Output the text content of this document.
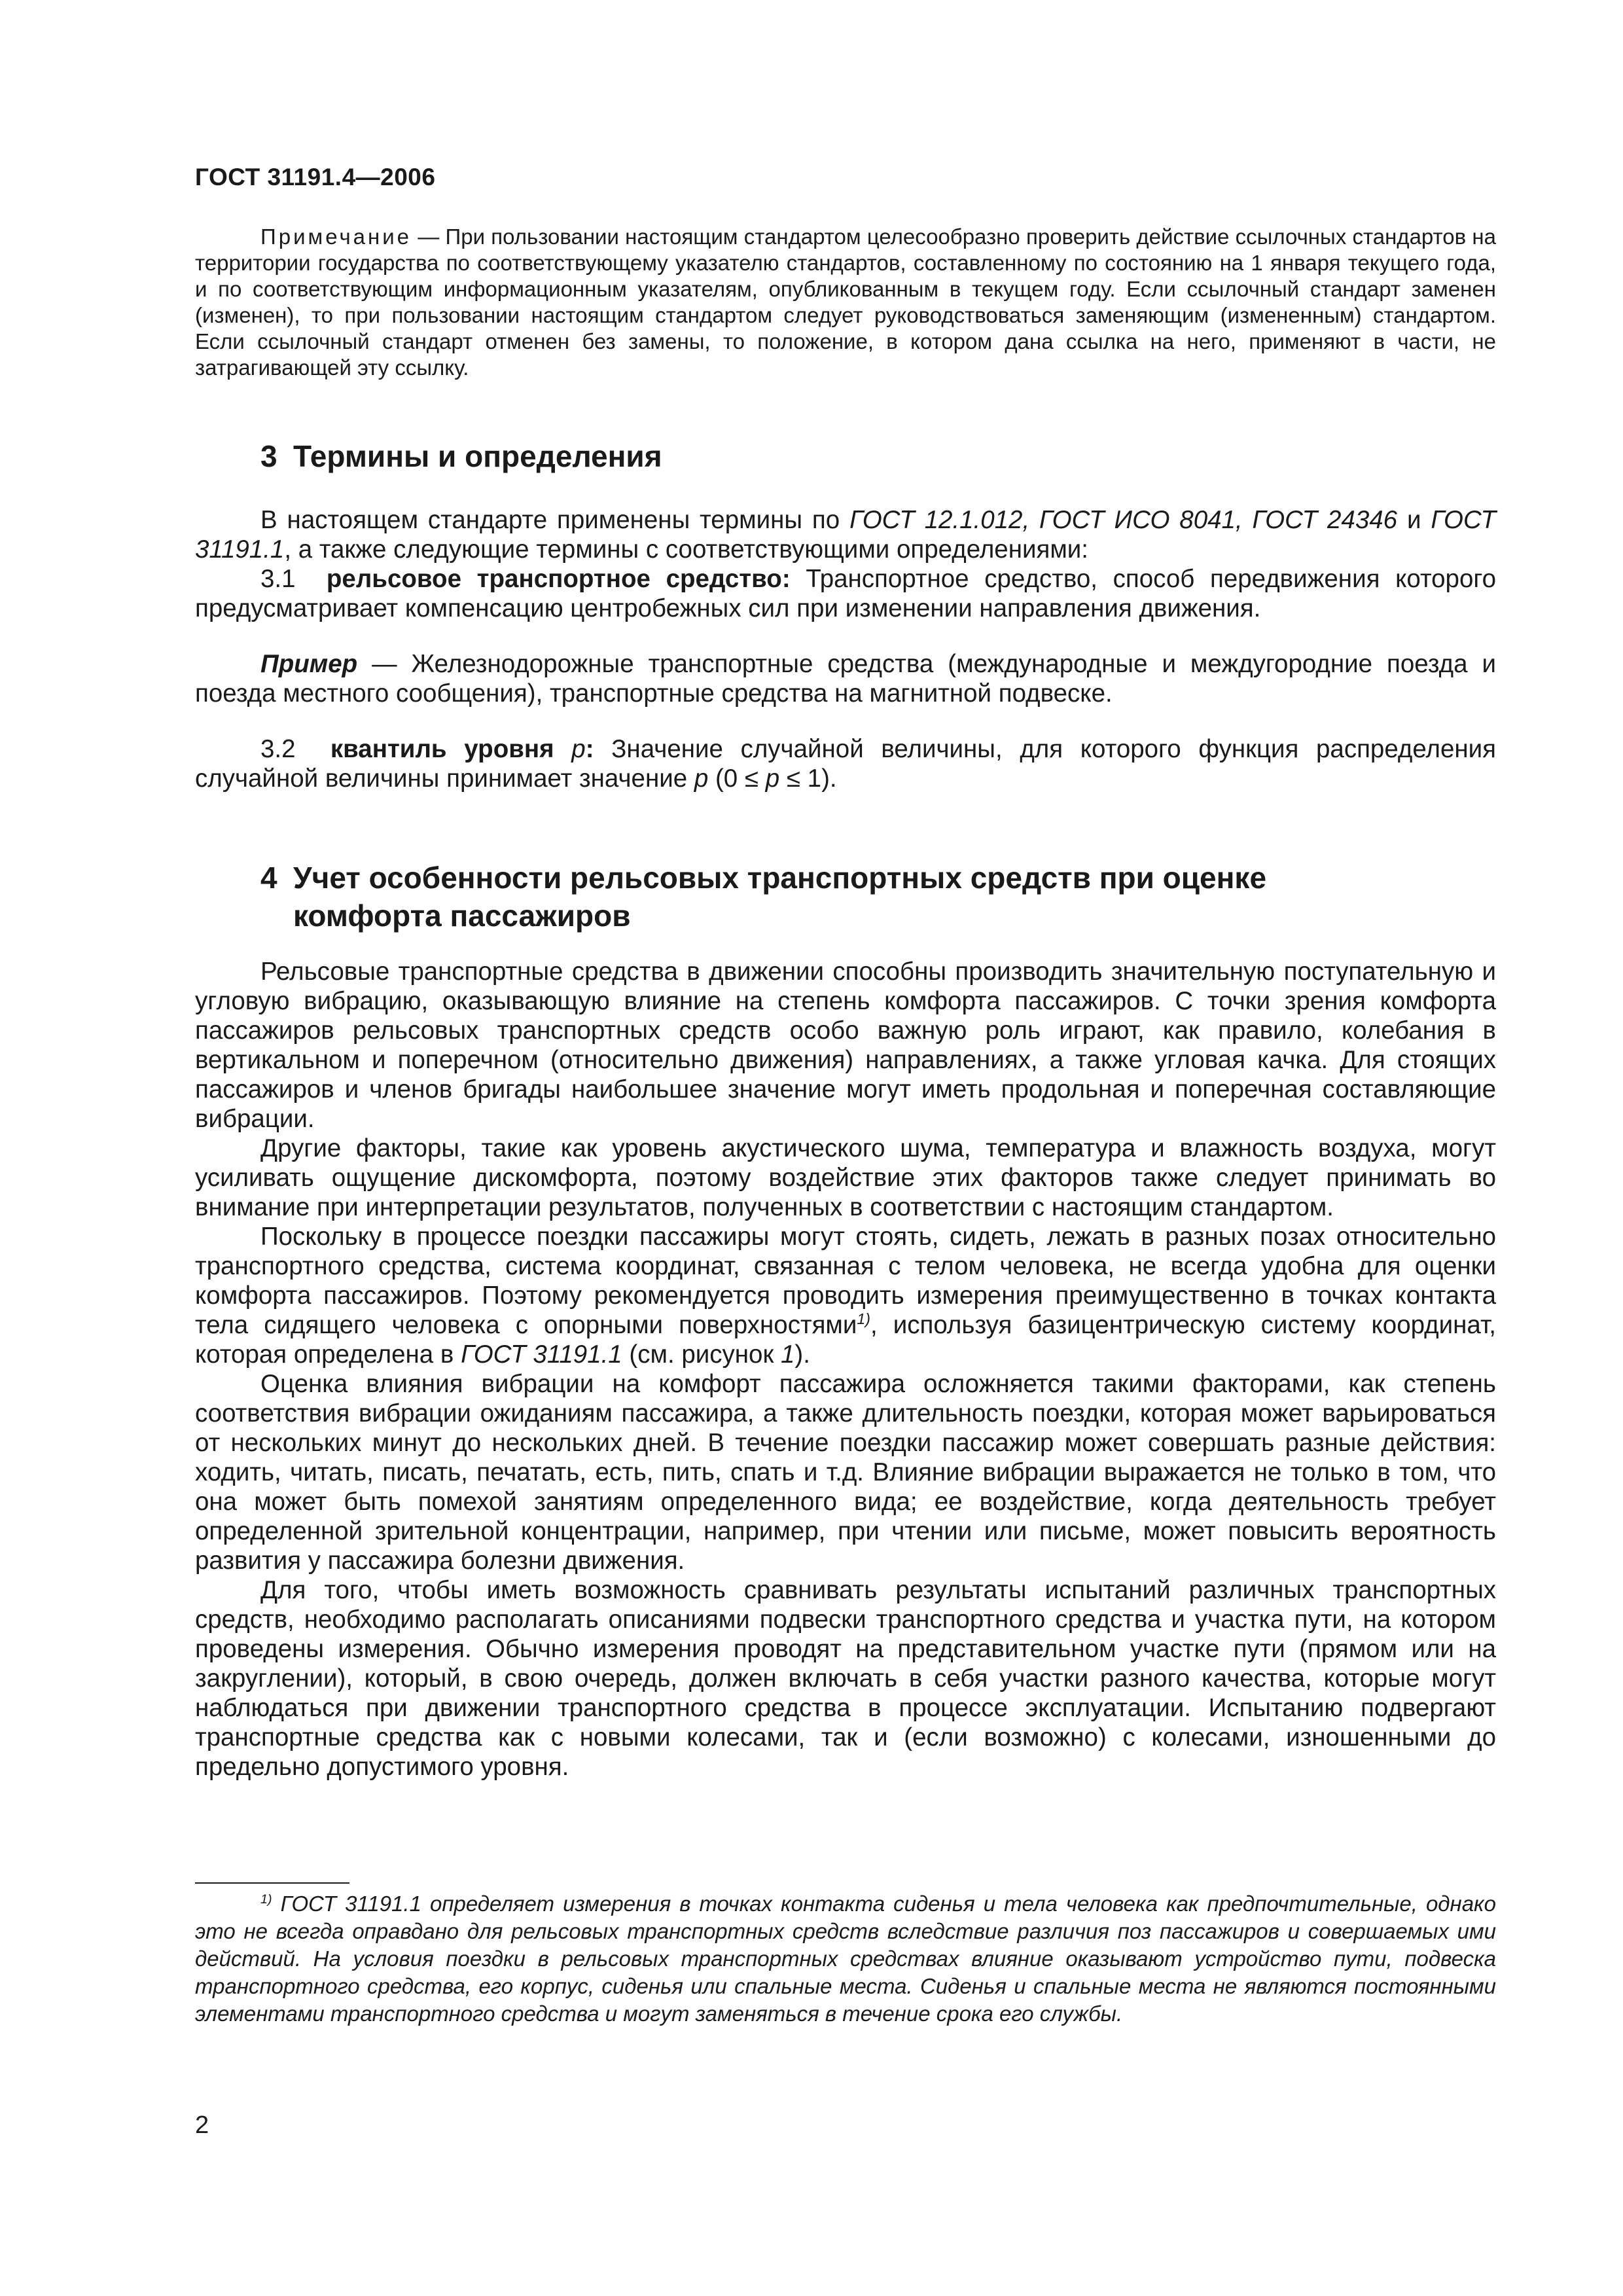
ГОСТ 31191.4—2006

Примечание — При пользовании настоящим стандартом целесообразно проверить действие ссылочных стандартов на территории государства по соответствующему указателю стандартов, составленному по состоянию на 1 января текущего года, и по соответствующим информационным указателям, опубликованным в текущем году. Если ссылочный стандарт заменен (изменен), то при пользовании настоящим стандартом следует руководствоваться заменяющим (измененным) стандартом. Если ссылочный стандарт отменен без замены, то положение, в котором дана ссылка на него, применяют в части, не затрагивающей эту ссылку.

3 Термины и определения

В настоящем стандарте применены термины по ГОСТ 12.1.012, ГОСТ ИСО 8041, ГОСТ 24346 и ГОСТ 31191.1, а также следующие термины с соответствующими определениями:

3.1 рельсовое транспортное средство: Транспортное средство, способ передвижения которого предусматривает компенсацию центробежных сил при изменении направления движения.

Пример — Железнодорожные транспортные средства (международные и междугородние поезда и поезда местного сообщения), транспортные средства на магнитной подвеске.

3.2 квантиль уровня p: Значение случайной величины, для которого функция распределения случайной величины принимает значение p (0 ≤ p ≤ 1).

4 Учет особенности рельсовых транспортных средств при оценке
комфорта пассажиров

Рельсовые транспортные средства в движении способны производить значительную поступательную и угловую вибрацию, оказывающую влияние на степень комфорта пассажиров. С точки зрения комфорта пассажиров рельсовых транспортных средств особо важную роль играют, как правило, колебания в вертикальном и поперечном (относительно движения) направлениях, а также угловая качка. Для стоящих пассажиров и членов бригады наибольшее значение могут иметь продольная и поперечная составляющие вибрации.

Другие факторы, такие как уровень акустического шума, температура и влажность воздуха, могут усиливать ощущение дискомфорта, поэтому воздействие этих факторов также следует принимать во внимание при интерпретации результатов, полученных в соответствии с настоящим стандартом.

Поскольку в процессе поездки пассажиры могут стоять, сидеть, лежать в разных позах относительно транспортного средства, система координат, связанная с телом человека, не всегда удобна для оценки комфорта пассажиров. Поэтому рекомендуется проводить измерения преимущественно в точках контакта тела сидящего человека с опорными поверхностями$^{1)}$, используя базицентрическую систему координат, которая определена в ГОСТ 31191.1 (см. рисунок 1).

Оценка влияния вибрации на комфорт пассажира осложняется такими факторами, как степень соответствия вибрации ожиданиям пассажира, а также длительность поездки, которая может варьироваться от нескольких минут до нескольких дней. В течение поездки пассажир может совершать разные действия: ходить, читать, писать, печатать, есть, пить, спать и т.д. Влияние вибрации выражается не только в том, что она может быть помехой занятиям определенного вида; ее воздействие, когда деятельность требует определенной зрительной концентрации, например, при чтении или письме, может повысить вероятность развития у пассажира болезни движения.

Для того, чтобы иметь возможность сравнивать результаты испытаний различных транспортных средств, необходимо располагать описаниями подвески транспортного средства и участка пути, на котором проведены измерения. Обычно измерения проводят на представительном участке пути (прямом или на закруглении), который, в свою очередь, должен включать в себя участки разного качества, которые могут наблюдаться при движении транспортного средства в процессе эксплуатации. Испытанию подвергают транспортные средства как с новыми колесами, так и (если возможно) с колесами, изношенными до предельно допустимого уровня.

$^{1)}$ ГОСТ 31191.1 определяет измерения в точках контакта сиденья и тела человека как предпочтительные, однако это не всегда оправдано для рельсовых транспортных средств вследствие различия поз пассажиров и совершаемых ими действий. На условия поездки в рельсовых транспортных средствах влияние оказывают устройство пути, подвеска транспортного средства, его корпус, сиденья или спальные места. Сиденья и спальные места не являются постоянными элементами транспортного средства и могут заменяться в течение срока его службы.

2
